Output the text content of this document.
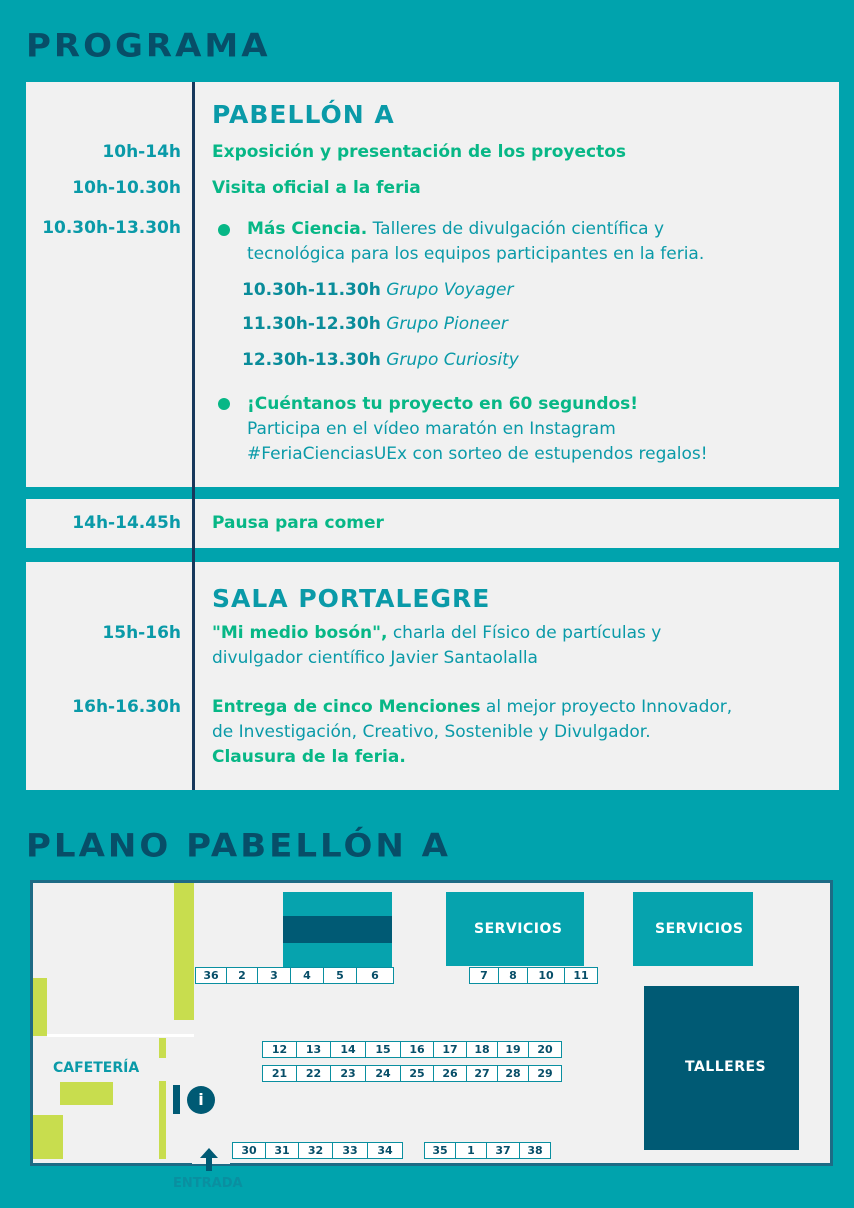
PROGRAMA
PABELLÓN A
10h-14h Exposición y presentación de los proyectos
10h-10.30h Visita oficial a la feria
10.30h-13.30h	Más Ciencia. Talleres de divulgación científica y
tecnológica para los equipos participantes en la feria.
10.30h-11.30h Grupo Voyager
11.30h-12.30h Grupo Pioneer
12.30h-13.30h Grupo Curiosity
¡Cuéntanos tu proyecto en 60 segundos!
Participa en el vídeo maratón en Instagram
#FeriaCienciasUEx con sorteo de estupendos regalos!
14h-14.45h Pausa para comer
SALA PORTALEGRE
15h-16h "Mi medio bosón", charla del Físico de partículas y
divulgador científico Javier Santaolalla
16h-16.30h Entrega de cinco Menciones al mejor proyecto Innovador,
de Investigación, Creativo, Sostenible y Divulgador.
Clausura de la feria.
PLANO PABELLÓN A
CAFETERÍA
i
SERVICIOS	SERVICIOS
TALLERES
36	2	3	4	5	6	7	8	10	11
12	13	14	15	16	17	18	19	20
21	22	23	24	25	26	27	28	29
30	31	32	33	34	35	1	37	38
ENTRADA
